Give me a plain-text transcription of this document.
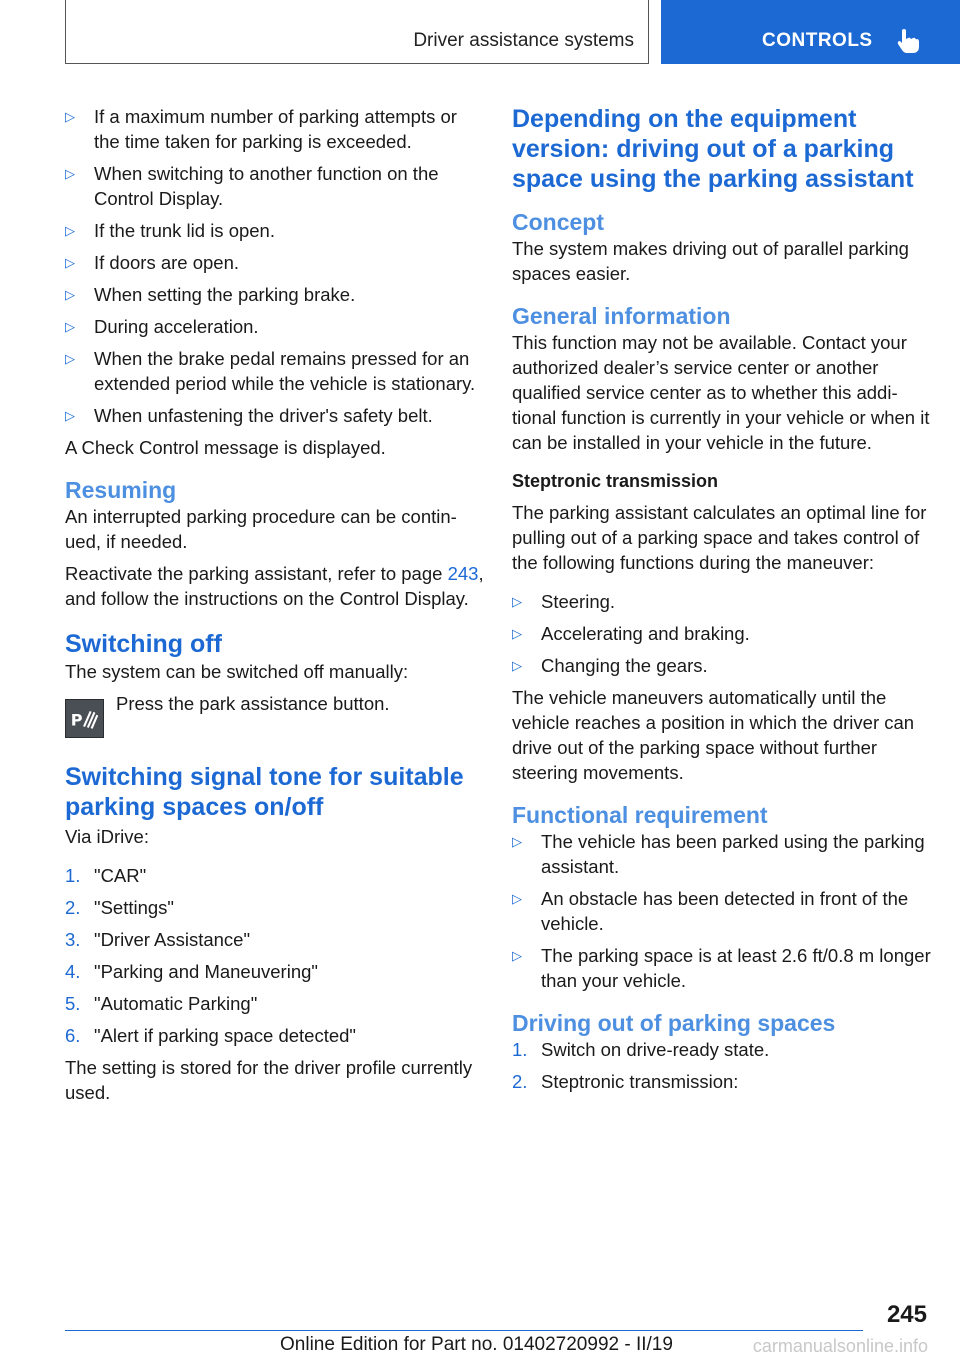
Driver assistance systems	CONTROLS
▷ If a maximum number of parking attempts or the time taken for parking is exceeded.
▷ When switching to another function on the Control Display.
▷ If the trunk lid is open.
▷ If doors are open.
▷ When setting the parking brake.
▷ During acceleration.
▷ When the brake pedal remains pressed for an extended period while the vehicle is stationary.
▷ When unfastening the driver's safety belt.

A Check Control message is displayed.

Resuming

An interrupted parking procedure can be continued, if needed.

Reactivate the parking assistant, refer to page 243, and follow the instructions on the Control Display.

Switching off

The system can be switched off manually:

P
Press the park assistance button.
Switching signal tone for suitable parking spaces on/off

Via iDrive:

1. "CAR"
2. "Settings"
3. "Driver Assistance"
4. "Parking and Maneuvering"
5. "Automatic Parking"
6. "Alert if parking space detected"

The setting is stored for the driver profile currently used.

Depending on the equipment version: driving out of a parking space using the parking assistant
Concept

The system makes driving out of parallel parking spaces easier.

General information

This function may not be available. Contact your authorized dealer’s service center or another qualified service center as to whether this additional function is currently in your vehicle or when it can be installed in your vehicle in the future.

Steptronic transmission

The parking assistant calculates an optimal line for pulling out of a parking space and takes control of the following functions during the maneuver:

▷ Steering.
▷ Accelerating and braking.
▷ Changing the gears.

The vehicle maneuvers automatically until the vehicle reaches a position in which the driver can drive out of the parking space without further steering movements.

Functional requirement
▷ The vehicle has been parked using the parking assistant.
▷ An obstacle has been detected in front of the vehicle.
▷ The parking space is at least 2.6 ft/0.8 m longer than your vehicle.
Driving out of parking spaces
1. Switch on drive-ready state.
2. Steptronic transmission:
245
Online Edition for Part no. 01402720992 - II/19	carmanualsonline.info
